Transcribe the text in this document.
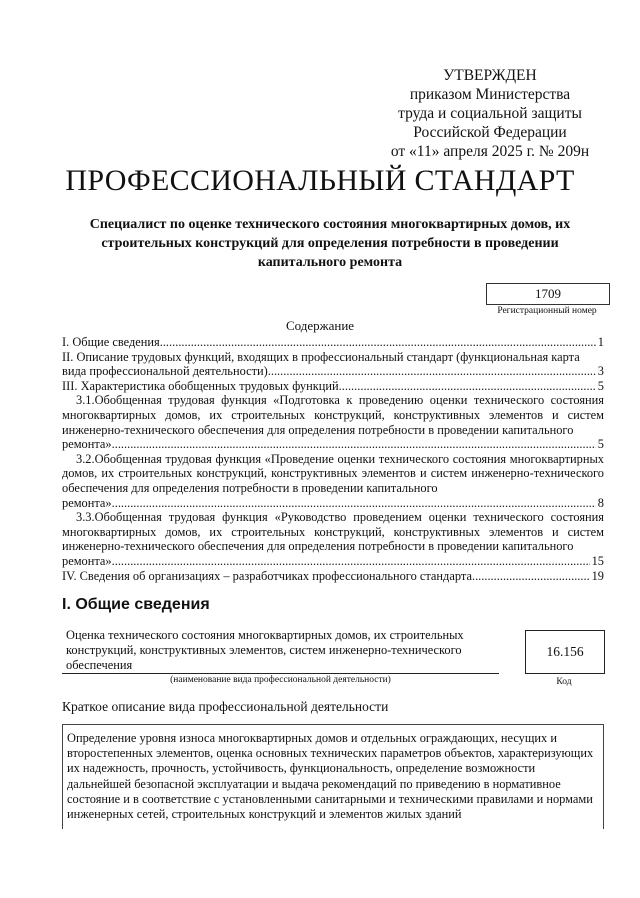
УТВЕРЖДЕН
приказом Министерства
труда и социальной защиты
Российской Федерации
от «11» апреля 2025 г. № 209н
ПРОФЕССИОНАЛЬНЫЙ СТАНДАРТ
Специалист по оценке технического состояния многоквартирных домов, их строительных конструкций для определения потребности в проведении капитального ремонта
1709
Регистрационный номер
Содержание
I. Общие сведения .....	1
II. Описание трудовых функций, входящих в профессиональный стандарт (функциональная карта
вида профессиональной деятельности) .....	3
III. Характеристика обобщенных трудовых функций .....	5
3.1.Обобщенная трудовая функция «Подготовка к проведению оценки технического состояния многоквартирных домов, их строительных конструкций, конструктивных элементов и систем инженерно-технического обеспечения для определения потребности в проведении капитального
ремонта» .....	5
3.2.Обобщенная трудовая функция «Проведение оценки технического состояния многоквартирных домов, их строительных конструкций, конструктивных элементов и систем инженерно-технического обеспечения для определения потребности в проведении капитального
ремонта» .....	8
3.3.Обобщенная трудовая функция «Руководство проведением оценки технического состояния многоквартирных домов, их строительных конструкций, конструктивных элементов и систем инженерно-технического обеспечения для определения потребности в проведении капитального
ремонта» .....	15
IV. Сведения об организациях – разработчиках профессионального стандарта .....	19
I. Общие сведения
Оценка технического состояния многоквартирных домов, их строительных конструкций, конструктивных элементов, систем инженерно-технического обеспечения
(наименование вида профессиональной деятельности)
16.156
Код
Краткое описание вида профессиональной деятельности
Определение уровня износа многоквартирных домов и отдельных ограждающих, несущих и второстепенных элементов, оценка основных технических параметров объектов, характеризующих их надежность, прочность, устойчивость, функциональность, определение возможности дальнейшей безопасной эксплуатации и выдача рекомендаций по приведению в нормативное состояние и в соответствие с установленными санитарными и техническими правилами и нормами инженерных сетей, строительных конструкций и элементов жилых зданий
